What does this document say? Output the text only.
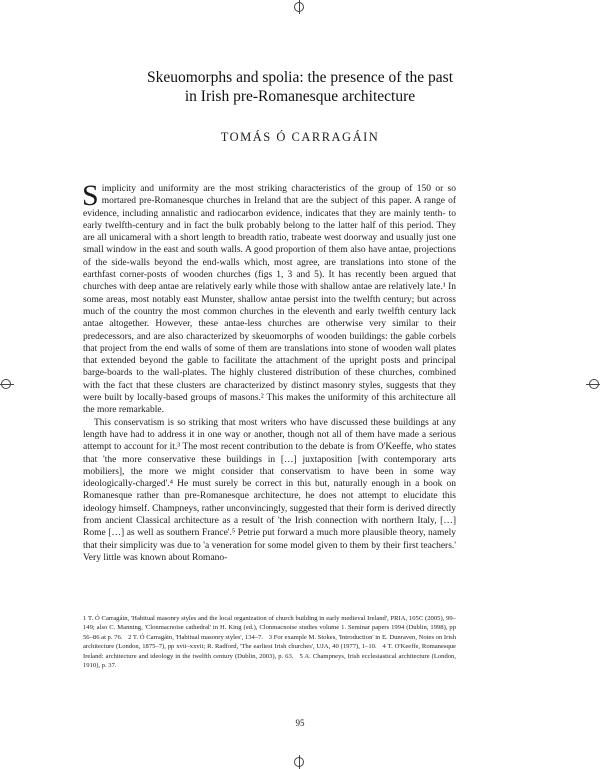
Skeuomorphs and spolia: the presence of the past
in Irish pre-Romanesque architecture
TOMÁS Ó CARRAGÁIN

Simplicity and uniformity are the most striking characteristics of the group of 150 or so mortared pre-Romanesque churches in Ireland that are the subject of this paper. A range of evidence, including annalistic and radiocarbon evidence, indicates that they are mainly tenth- to early twelfth-century and in fact the bulk probably belong to the latter half of this period. They are all unicameral with a short length to breadth ratio, trabeate west doorway and usually just one small window in the east and south walls. A good proportion of them also have antae, projections of the side-walls beyond the end-walls which, most agree, are translations into stone of the earthfast corner-posts of wooden churches (figs 1, 3 and 5). It has recently been argued that churches with deep antae are relatively early while those with shallow antae are relatively late.¹ In some areas, most notably east Munster, shallow antae persist into the twelfth century; but across much of the country the most common churches in the eleventh and early twelfth century lack antae altogether. However, these antae-less churches are otherwise very similar to their predecessors, and are also characterized by skeuomorphs of wooden buildings: the gable corbels that project from the end walls of some of them are translations into stone of wooden wall plates that extended beyond the gable to facilitate the attachment of the upright posts and principal barge-boards to the wall-plates. The highly clustered distribution of these churches, combined with the fact that these clusters are characterized by distinct masonry styles, suggests that they were built by locally-based groups of masons.² This makes the uniformity of this architecture all the more remarkable.

This conservatism is so striking that most writers who have discussed these buildings at any length have had to address it in one way or another, though not all of them have made a serious attempt to account for it.³ The most recent contribution to the debate is from O'Keeffe, who states that 'the more conservative these buildings in […] juxtaposition [with contemporary arts mobiliers], the more we might consider that conservatism to have been in some way ideologically-charged'.⁴ He must surely be correct in this but, naturally enough in a book on Romanesque rather than pre-Romanesque architecture, he does not attempt to elucidate this ideology himself. Champneys, rather unconvincingly, suggested that their form is derived directly from ancient Classical architecture as a result of 'the Irish connection with northern Italy, […] Rome […] as well as southern France'.⁵ Petrie put forward a much more plausible theory, namely that their simplicity was due to 'a veneration for some model given to them by their first teachers.' Very little was known about Romano-

1 T. Ó Carragáin, 'Habitual masonry styles and the local organization of church building in early medieval Ireland', PRIA, 105C (2005), 99–149; also C. Manning, 'Clonmacnoise cathedral' in H. King (ed.), Clonmacnoise studies volume 1. Seminar papers 1994 (Dublin, 1998), pp 56–86 at p. 76. 2 T. Ó Carragáin, 'Habitual masonry styles', 134–7. 3 For example M. Stokes, 'Introduction' in E. Dunraven, Notes on Irish architecture (London, 1875–7), pp xvii–xxvii; R. Radford, 'The earliest Irish churches', UJA, 40 (1977), 1–10. 4 T. O'Keeffe, Romanesque Ireland: architecture and ideology in the twelfth century (Dublin, 2003), p. 63. 5 A. Champneys, Irish ecclesiastical architecture (London, 1910), p. 37.
95
